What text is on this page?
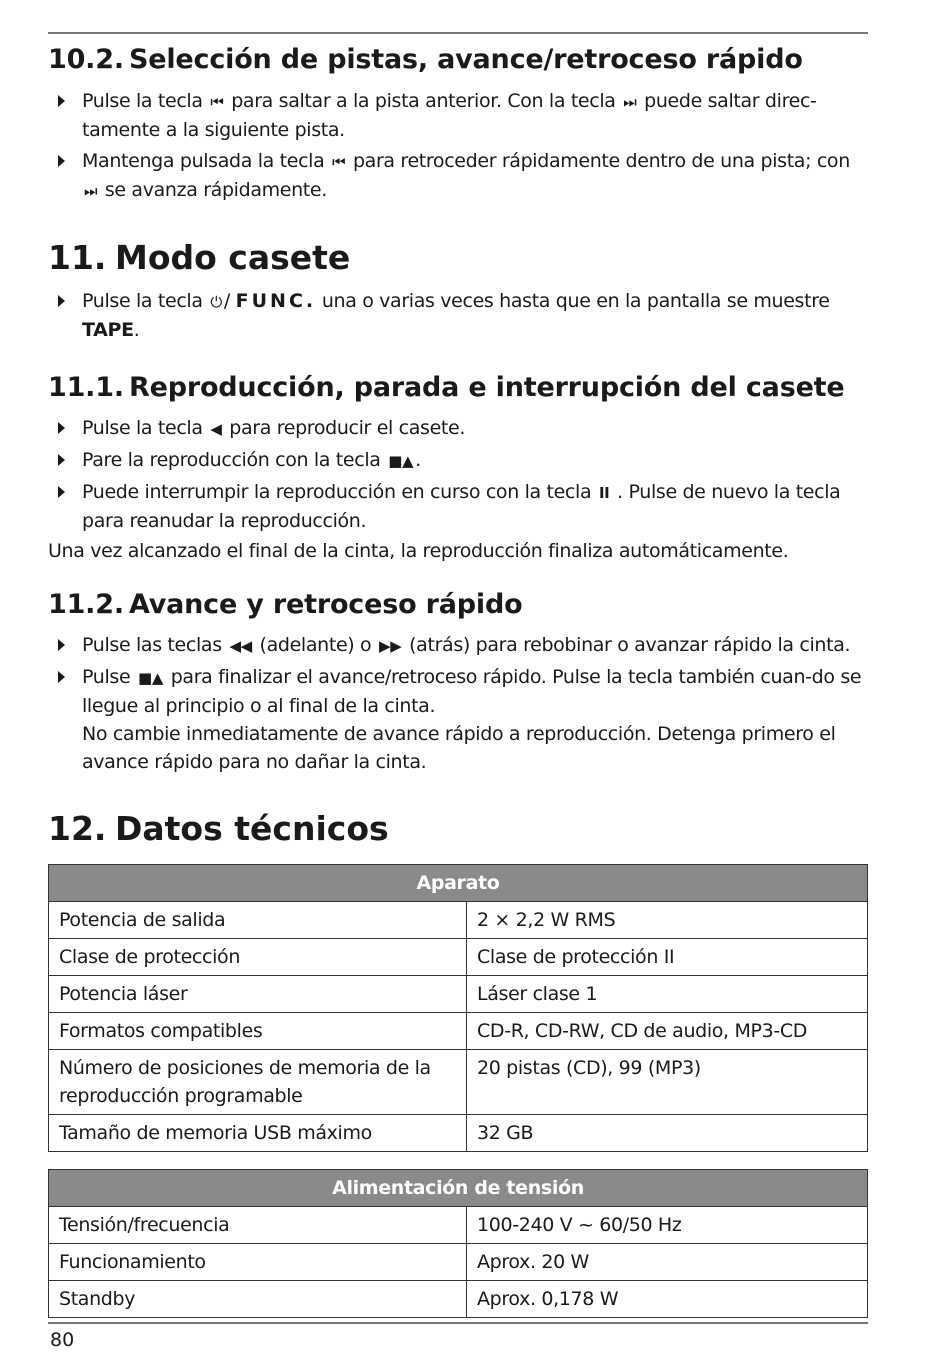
10.2. Selección de pistas, avance/retroceso rápido
Pulse la tecla ⏮ para saltar a la pista anterior. Con la tecla ⏭ puede saltar direc-tamente a la siguiente pista.
Mantenga pulsada la tecla ⏮ para retroceder rápidamente dentro de una pista; con ⏭ se avanza rápidamente.
11. Modo casete
Pulse la tecla ⏻ / FUNC. una o varias veces hasta que en la pantalla se muestre TAPE.
11.1. Reproducción, parada e interrupción del casete
Pulse la tecla ◀ para reproducir el casete.
Pare la reproducción con la tecla ■▲ .
Puede interrumpir la reproducción en curso con la tecla II . Pulse de nuevo la tecla para reanudar la reproducción.

Una vez alcanzado el final de la cinta, la reproducción finaliza automáticamente.

11.2. Avance y retroceso rápido
Pulse las teclas ◀◀ (adelante) o ▶▶ (atrás) para rebobinar o avanzar rápido la cinta.
Pulse ■▲ para finalizar el avance/retroceso rápido. Pulse la tecla también cuan-do se llegue al principio o al final de la cinta.
No cambie inmediatamente de avance rápido a reproducción. Detenga primero el avance rápido para no dañar la cinta.
12. Datos técnicos
Aparato	
Potencia de salida	2 × 2,2 W RMS
Clase de protección	Clase de protección II
Potencia láser	Láser clase 1
Formatos compatibles	CD-R, CD-RW, CD de audio, MP3-CD
Número de posiciones de memoria de la reproducción programable	20 pistas (CD), 99 (MP3)
Tamaño de memoria USB máximo	32 GB
Alimentación de tensión	
Tensión/frecuencia	100-240 V ~ 60/50 Hz
Funcionamiento	Aprox. 20 W
Standby	Aprox. 0,178 W
80
